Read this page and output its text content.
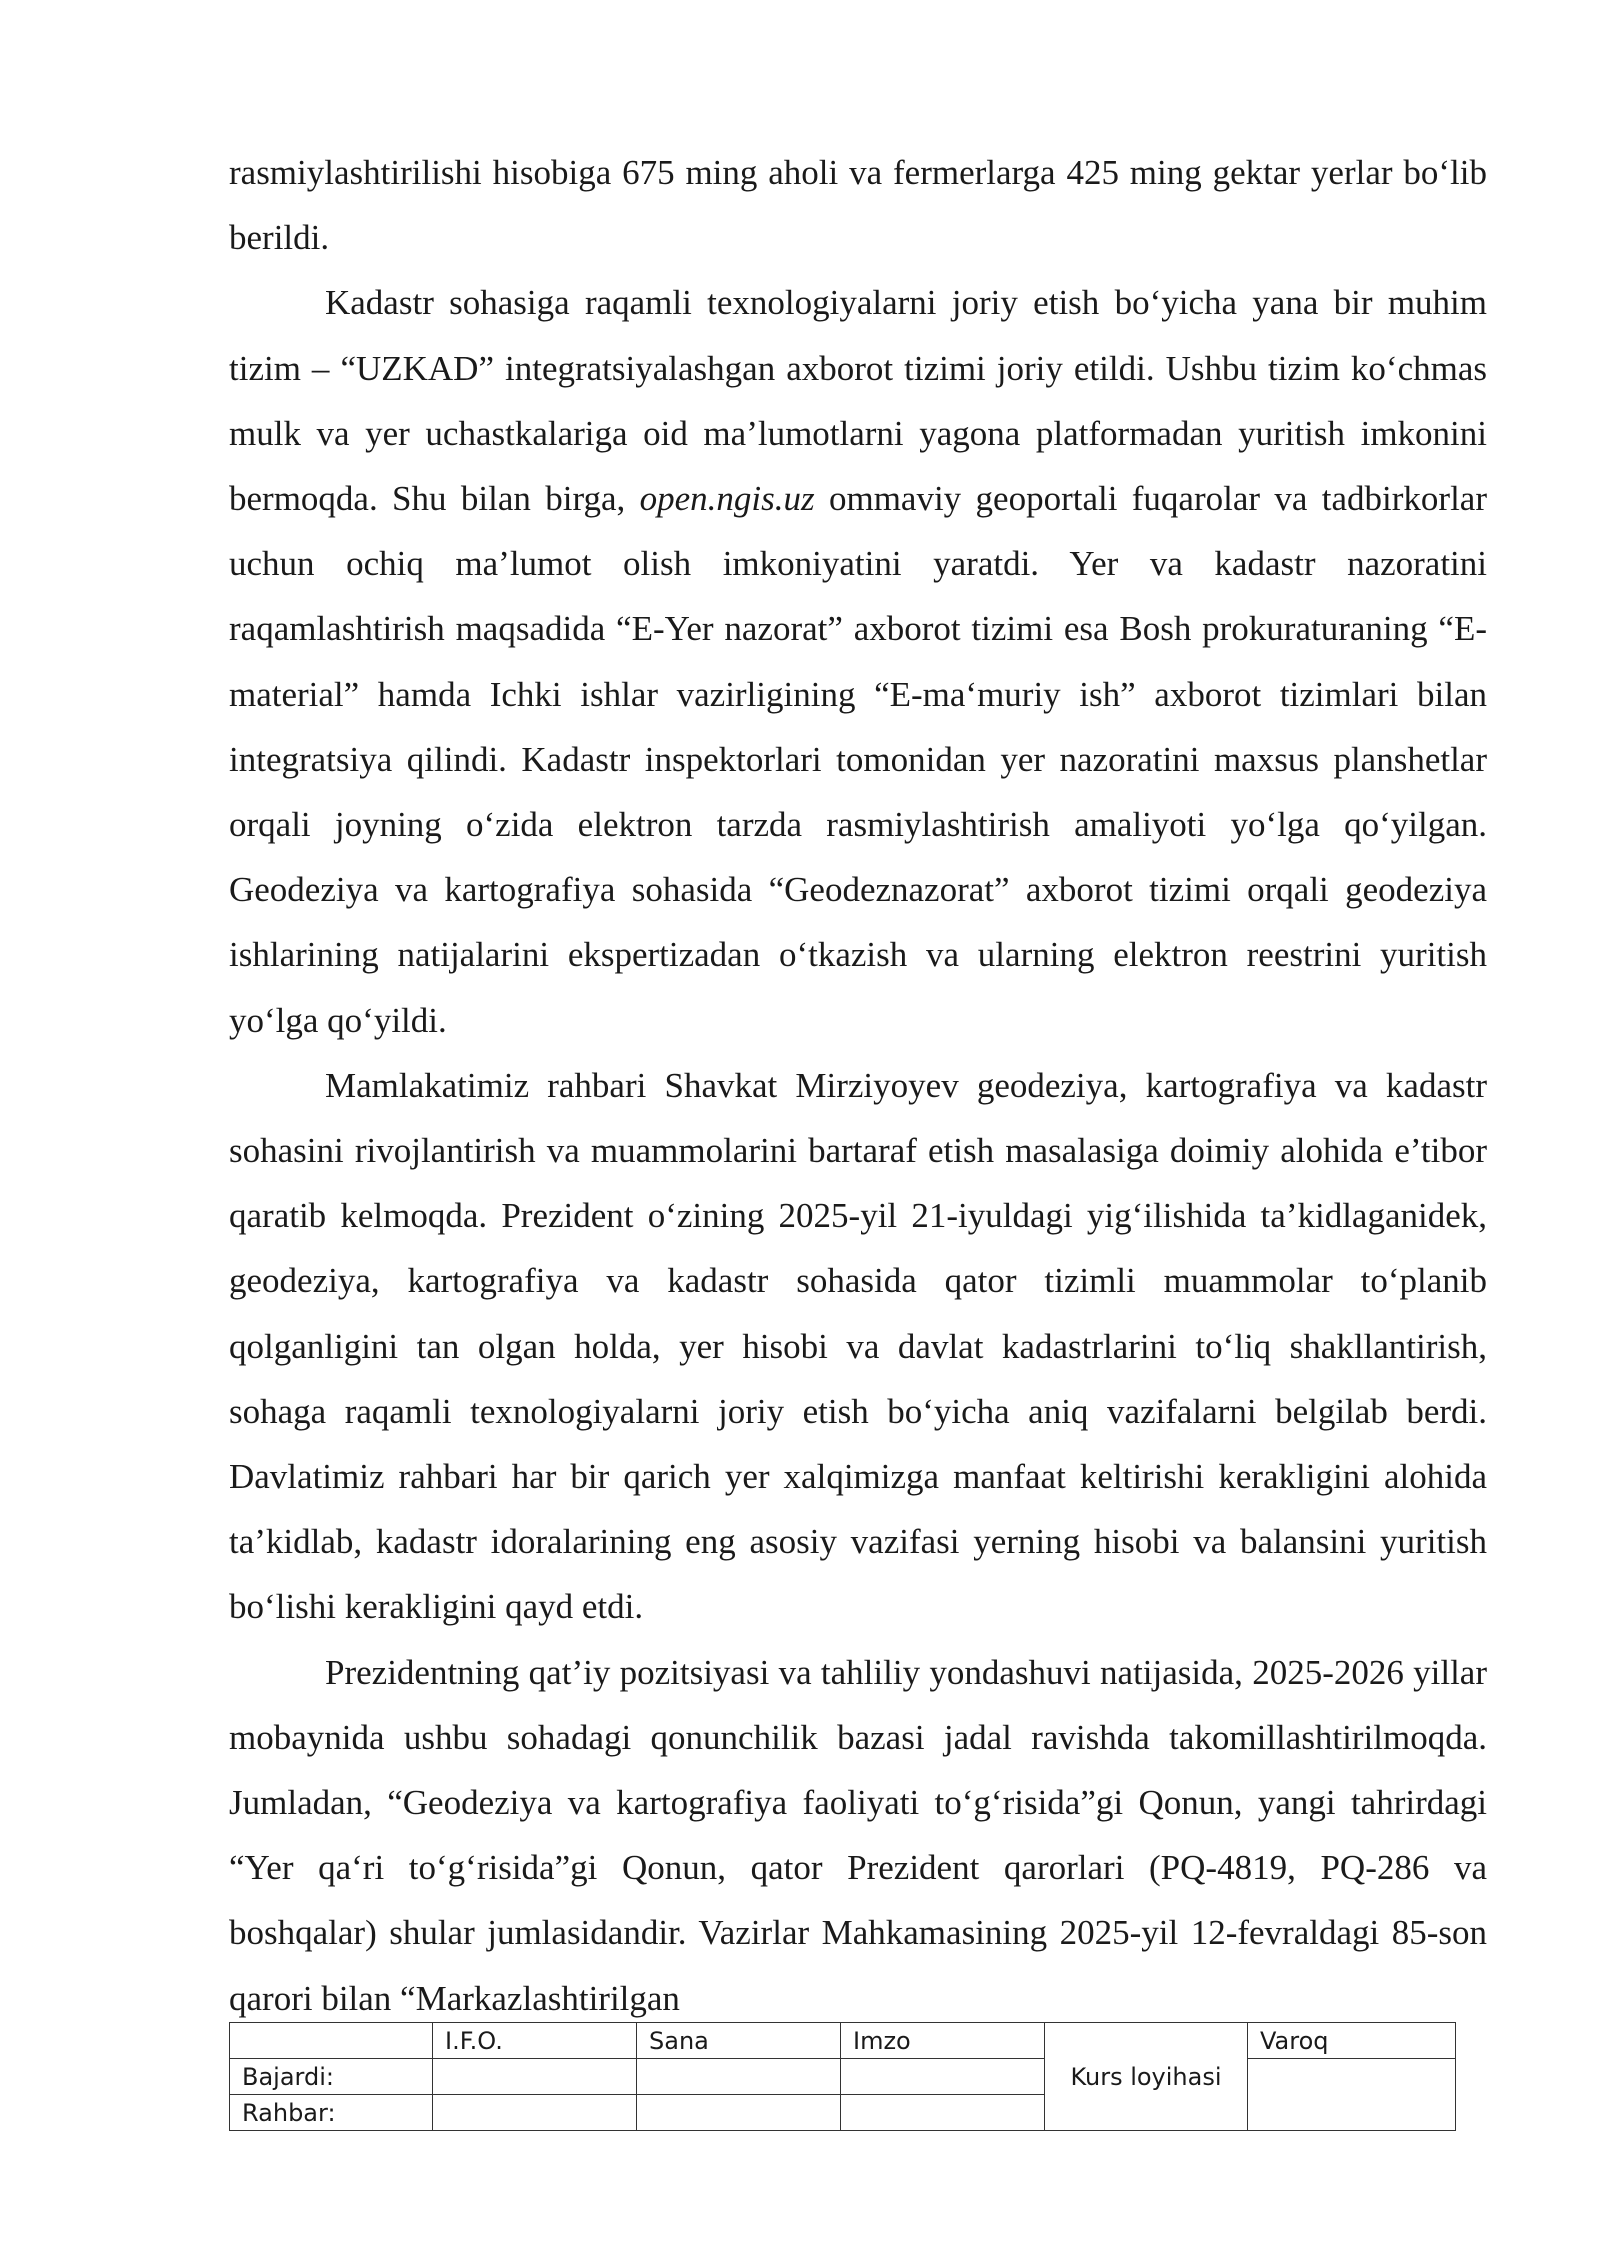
rasmiylashtirilishi hisobiga 675 ming aholi va fermerlarga 425 ming gektar yerlar bo‘lib berildi.

Kadastr sohasiga raqamli texnologiyalarni joriy etish bo‘yicha yana bir muhim tizim – “UZKAD” integratsiyalashgan axborot tizimi joriy etildi. Ushbu tizim ko‘chmas mulk va yer uchastkalariga oid ma’lumotlarni yagona platformadan yuritish imkonini bermoqda. Shu bilan birga, open.ngis.uz ommaviy geoportali fuqarolar va tadbirkorlar uchun ochiq ma’lumot olish imkoniyatini yaratdi. Yer va kadastr nazoratini raqamlashtirish maqsadida “E-Yer nazorat” axborot tizimi esa Bosh prokuraturaning “E-material” hamda Ichki ishlar vazirligining “E-ma‘muriy ish” axborot tizimlari bilan integratsiya qilindi. Kadastr inspektorlari tomonidan yer nazoratini maxsus planshetlar orqali joyning o‘zida elektron tarzda rasmiylashtirish amaliyoti yo‘lga qo‘yilgan. Geodeziya va kartografiya sohasida “Geodeznazorat” axborot tizimi orqali geodeziya ishlarining natijalarini ekspertizadan o‘tkazish va ularning elektron reestrini yuritish yo‘lga qo‘yildi.

Mamlakatimiz rahbari Shavkat Mirziyoyev geodeziya, kartografiya va kadastr sohasini rivojlantirish va muammolarini bartaraf etish masalasiga doimiy alohida e’tibor qaratib kelmoqda. Prezident o‘zining 2025-yil 21-iyuldagi yig‘ilishida ta’kidlaganidek, geodeziya, kartografiya va kadastr sohasida qator tizimli muammolar to‘planib qolganligini tan olgan holda, yer hisobi va davlat kadastrlarini to‘liq shakllantirish, sohaga raqamli texnologiyalarni joriy etish bo‘yicha aniq vazifalarni belgilab berdi. Davlatimiz rahbari har bir qarich yer xalqimizga manfaat keltirishi kerakligini alohida ta’kidlab, kadastr idoralarining eng asosiy vazifasi yerning hisobi va balansini yuritish bo‘lishi kerakligini qayd etdi.

Prezidentning qat’iy pozitsiyasi va tahliliy yondashuvi natijasida, 2025-2026 yillar mobaynida ushbu sohadagi qonunchilik bazasi jadal ravishda takomillashtirilmoqda. Jumladan, “Geodeziya va kartografiya faoliyati to‘g‘risida”gi Qonun, yangi tahrirdagi “Yer qa‘ri to‘g‘risida”gi Qonun, qator Prezident qarorlari (PQ-4819, PQ-286 va boshqalar) shular jumlasidandir. Vazirlar Mahkamasining 2025-yil 12-fevraldagi 85-son qarori bilan “Markazlashtirilgan

	I.F.O.	Sana	Imzo	Kurs loyihasi	Varoq
Bajardi:					
Rahbar:					
